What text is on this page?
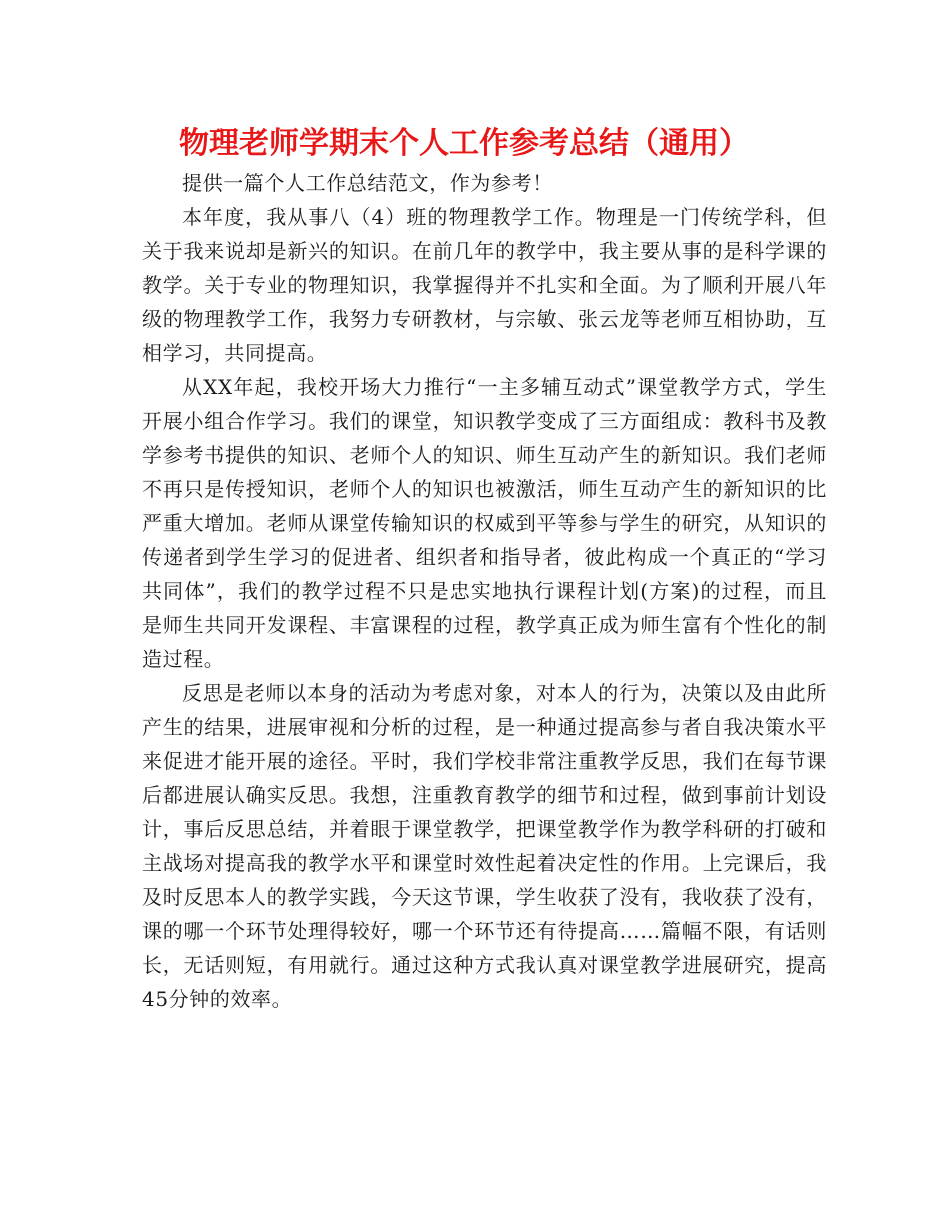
物理老师学期末个人工作参考总结（通用）

提供一篇个人工作总结范文，作为参考！

本年度，我从事八（4）班的物理教学工作。物理是一门传统学科，但关于我来说却是新兴的知识。在前几年的教学中，我主要从事的是科学课的教学。关于专业的物理知识，我掌握得并不扎实和全面。为了顺利开展八年级的物理教学工作，我努力专研教材，与宗敏、张云龙等老师互相协助，互相学习，共同提高。

从XX年起，我校开场大力推行“一主多辅互动式”课堂教学方式，学生开展小组合作学习。我们的课堂，知识教学变成了三方面组成：教科书及教学参考书提供的知识、老师个人的知识、师生互动产生的新知识。我们老师不再只是传授知识，老师个人的知识也被激活，师生互动产生的新知识的比严重大增加。老师从课堂传输知识的权威到平等参与学生的研究，从知识的传递者到学生学习的促进者、组织者和指导者，彼此构成一个真正的“学习共同体”，我们的教学过程不只是忠实地执行课程计划(方案)的过程，而且是师生共同开发课程、丰富课程的过程，教学真正成为师生富有个性化的制造过程。

反思是老师以本身的活动为考虑对象，对本人的行为，决策以及由此所产生的结果，进展审视和分析的过程，是一种通过提高参与者自我决策水平来促进才能开展的途径。平时，我们学校非常注重教学反思，我们在每节课后都进展认确实反思。我想，注重教育教学的细节和过程，做到事前计划设计，事后反思总结，并着眼于课堂教学，把课堂教学作为教学科研的打破和主战场对提高我的教学水平和课堂时效性起着决定性的作用。上完课后，我及时反思本人的教学实践，今天这节课，学生收获了没有，我收获了没有，课的哪一个环节处理得较好，哪一个环节还有待提高……篇幅不限，有话则长，无话则短，有用就行。通过这种方式我认真对课堂教学进展研究，提高45分钟的效率。
